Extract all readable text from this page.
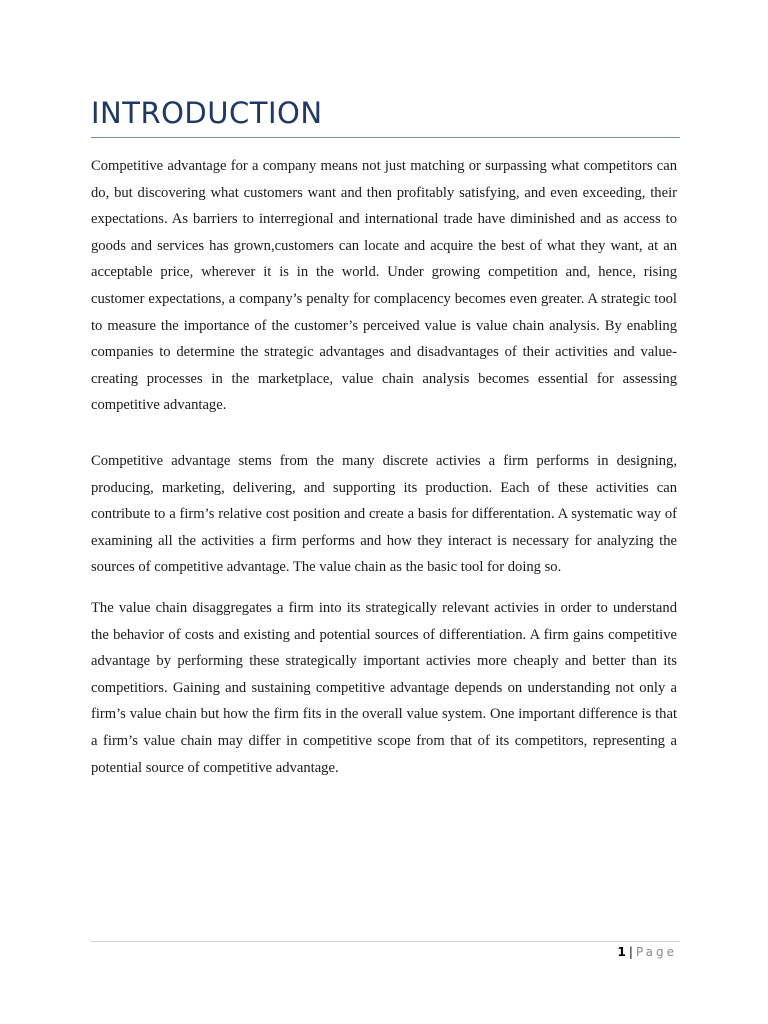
INTRODUCTION

Competitive advantage for a company means not just matching or surpassing what competitors can do, but discovering what customers want and then profitably satisfying, and even exceeding, their expectations. As barriers to interregional and international trade have diminished and as access to goods and services has grown,customers can locate and acquire the best of what they want, at an acceptable price, wherever it is in the world. Under growing competition and, hence, rising customer expectations, a company’s penalty for complacency becomes even greater. A strategic tool to measure the importance of the customer’s perceived value is value chain analysis. By enabling companies to determine the strategic advantages and disadvantages of their activities and value-creating processes in the marketplace, value chain analysis becomes essential for assessing competitive advantage.

Competitive advantage stems from the many discrete activies a firm performs in designing, producing, marketing, delivering, and supporting its production. Each of these activities can contribute to a firm’s relative cost position and create a basis for differentation. A systematic way of examining all the activities a firm performs and how they interact is necessary for analyzing the sources of competitive advantage. The value chain as the basic tool for doing so.

The value chain disaggregates a firm into its strategically relevant activies in order to understand the behavior of costs and existing and potential sources of differentiation. A firm gains competitive advantage by performing these strategically important activies more cheaply and better than its competitiors. Gaining and sustaining competitive advantage depends on understanding not only a firm’s value chain but how the firm fits in the overall value system. One important difference is that a firm’s value chain may differ in competitive scope from that of its competitors, representing a potential source of competitive advantage.

1 | Page
